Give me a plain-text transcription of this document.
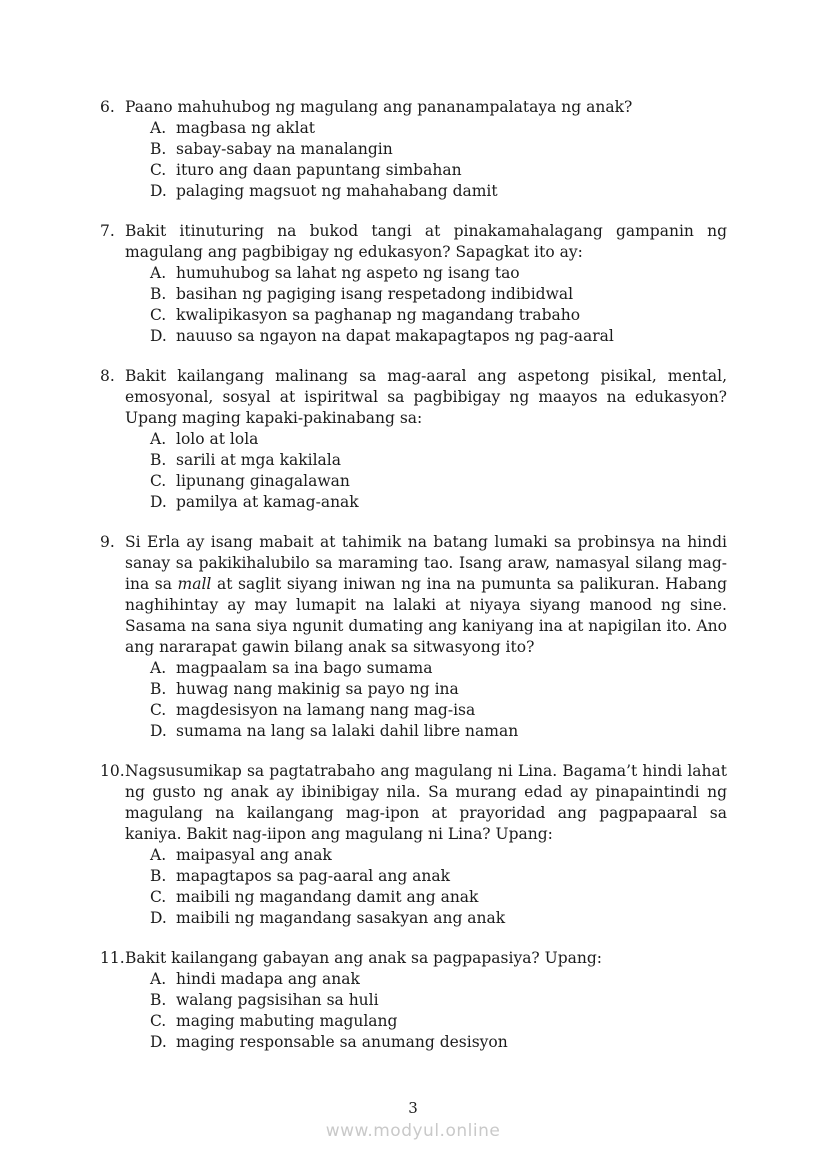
6. Paano mahuhubog ng magulang ang pananampalataya ng anak?
A. magbasa ng aklat
B. sabay-sabay na manalangin
C. ituro ang daan papuntang simbahan
D. palaging magsuot ng mahahabang damit
7. Bakit itinuturing na bukod tangi at pinakamahalagang gampanin ng magulang ang pagbibigay ng edukasyon? Sapagkat ito ay:
A. humuhubog sa lahat ng aspeto ng isang tao
B. basihan ng pagiging isang respetadong indibidwal
C. kwalipikasyon sa paghanap ng magandang trabaho
D. nauuso sa ngayon na dapat makapagtapos ng pag-aaral
8. Bakit kailangang malinang sa mag-aaral ang aspetong pisikal, mental, emosyonal, sosyal at ispiritwal sa pagbibigay ng maayos na edukasyon? Upang maging kapaki-pakinabang sa:
A. lolo at lola
B. sarili at mga kakilala
C. lipunang ginagalawan
D. pamilya at kamag-anak
9. Si Erla ay isang mabait at tahimik na batang lumaki sa probinsya na hindi sanay sa pakikihalubilo sa maraming tao. Isang araw, namasyal silang mag-ina sa mall at saglit siyang iniwan ng ina na pumunta sa palikuran. Habang naghihintay ay may lumapit na lalaki at niyaya siyang manood ng sine. Sasama na sana siya ngunit dumating ang kaniyang ina at napigilan ito. Ano ang nararapat gawin bilang anak sa sitwasyong ito?
A. magpaalam sa ina bago sumama
B. huwag nang makinig sa payo ng ina
C. magdesisyon na lamang nang mag-isa
D. sumama na lang sa lalaki dahil libre naman
10. Nagsusumikap sa pagtatrabaho ang magulang ni Lina. Bagama’t hindi lahat ng gusto ng anak ay ibinibigay nila. Sa murang edad ay pinapaintindi ng magulang na kailangang mag-ipon at prayoridad ang pagpapaaral sa kaniya. Bakit nag-iipon ang magulang ni Lina? Upang:
A. maipasyal ang anak
B. mapagtapos sa pag-aaral ang anak
C. maibili ng magandang damit ang anak
D. maibili ng magandang sasakyan ang anak
11. Bakit kailangang gabayan ang anak sa pagpapasiya? Upang:
A. hindi madapa ang anak
B. walang pagsisihan sa huli
C. maging mabuting magulang
D. maging responsable sa anumang desisyon
3
www.modyul.online
